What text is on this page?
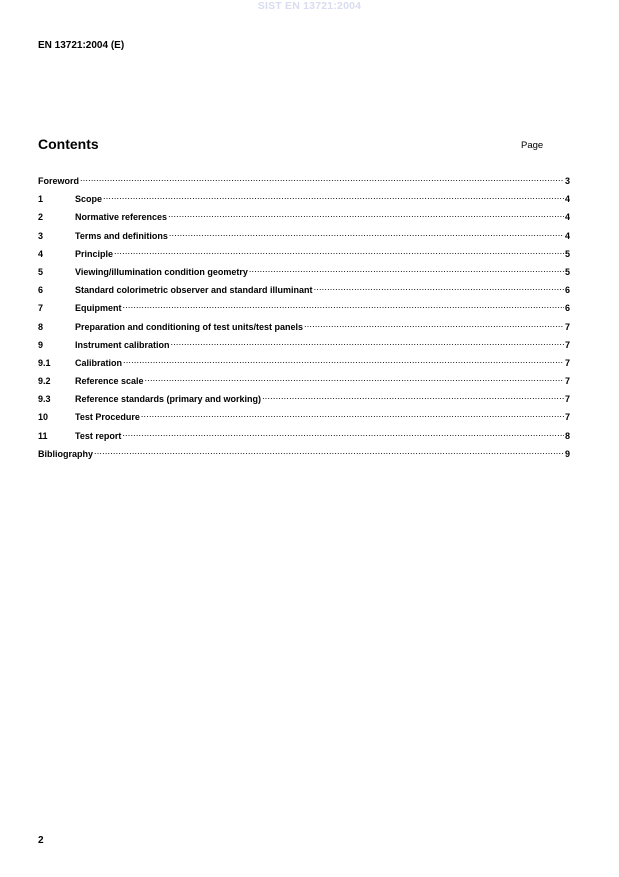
SIST EN 13721:2004
EN 13721:2004 (E)
Contents	Page
Foreword .....	3
1	Scope .....	4
2	Normative references .....	4
3	Terms and definitions .....	4
4	Principle .....	5
5	Viewing/illumination condition geometry .....	5
6	Standard colorimetric observer and standard illuminant .....	6
7	Equipment .....	6
8	Preparation and conditioning of test units/test panels .....	7
9	Instrument calibration .....	7
9.1	Calibration .....	7
9.2	Reference scale .....	7
9.3	Reference standards (primary and working) .....	7
10	Test Procedure .....	7
11	Test report .....	8
Bibliography .....	9
2
